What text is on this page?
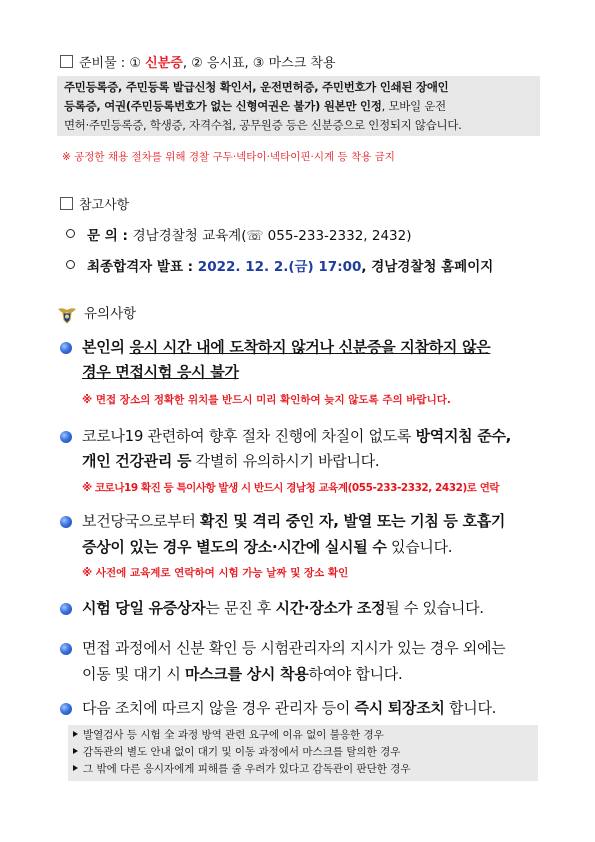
준비물 : ① 신분증, ② 응시표, ③ 마스크 착용
주민등록증, 주민등록 발급신청 확인서, 운전면허증, 주민번호가 인쇄된 장애인
등록증, 여권(주민등록번호가 없는 신형여권은 불가) 원본만 인정, 모바일 운전
면허·주민등록증, 학생증, 자격수첩, 공무원증 등은 신분증으로 인정되지 않습니다.
※ 공정한 채용 절차를 위해 경찰 구두·넥타이·넥타이핀·시계 등 착용 금지
참고사항
문 의 : 경남경찰청 교육계(☏ 055-233-2332, 2432)
최종합격자 발표 : 2022. 12. 2.(금) 17:00, 경남경찰청 홈페이지
유의사항
본인의 응시 시간 내에 도착하지 않거나 신분증을 지참하지 않은
경우 면접시험 응시 불가
※ 면접 장소의 정확한 위치를 반드시 미리 확인하여 늦지 않도록 주의 바랍니다.
코로나19 관련하여 향후 절차 진행에 차질이 없도록 방역지침 준수,
개인 건강관리 등 각별히 유의하시기 바랍니다.
※ 코로나19 확진 등 특이사항 발생 시 반드시 경남청 교육계(055-233-2332, 2432)로 연락
보건당국으로부터 확진 및 격리 중인 자, 발열 또는 기침 등 호흡기
증상이 있는 경우 별도의 장소·시간에 실시될 수 있습니다.
※ 사전에 교육계로 연락하여 시험 가능 날짜 및 장소 확인
시험 당일 유증상자는 문진 후 시간·장소가 조정될 수 있습니다.
면접 과정에서 신분 확인 등 시험관리자의 지시가 있는 경우 외에는
이동 및 대기 시 마스크를 상시 착용하여야 합니다.
다음 조치에 따르지 않을 경우 관리자 등이 즉시 퇴장조치 합니다.
발열검사 등 시험 全 과정 방역 관련 요구에 이유 없이 불응한 경우
감독관의 별도 안내 없이 대기 및 이동 과정에서 마스크를 탈의한 경우
그 밖에 다른 응시자에게 피해를 줄 우려가 있다고 감독관이 판단한 경우
